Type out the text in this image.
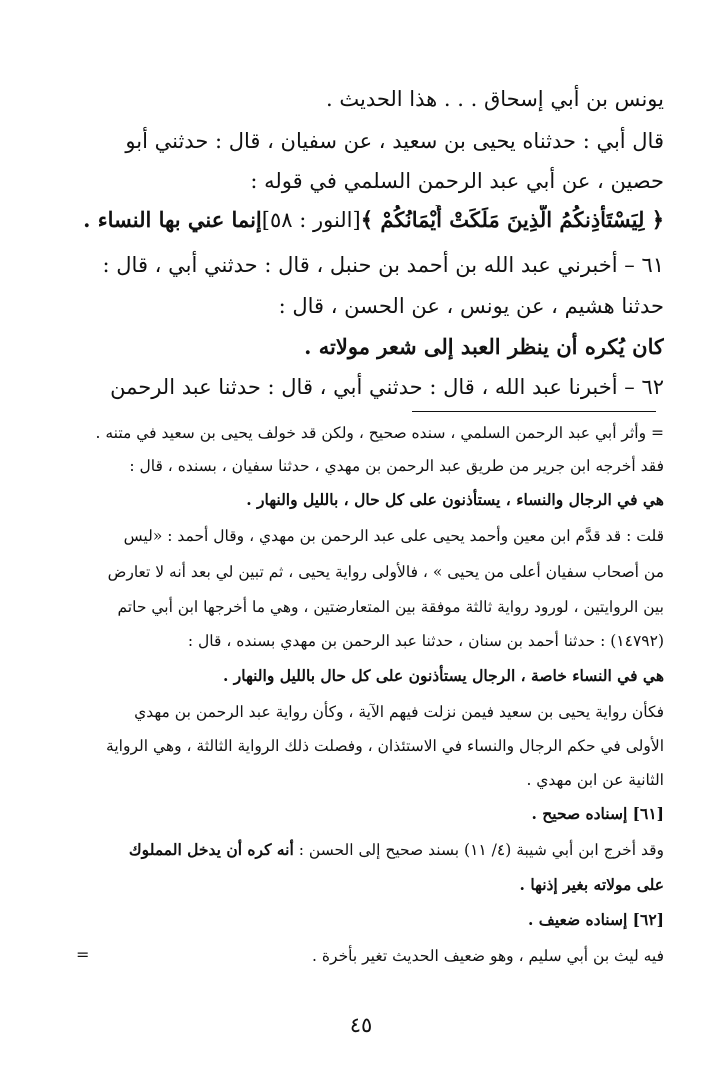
يونس بن أبي إسحاق . . . هذا الحديث .
قال أبي : حدثناه يحيى بن سعيد ، عن سفيان ، قال : حدثني أبو
حصين ، عن أبي عبد الرحمن السلمي في قوله :
﴿ لِيَسْتَأْذِنكُمُ الَّذِينَ مَلَكَتْ أَيْمَانُكُمْ ﴾[النور : ٥٨]إنما عني بها النساء .
٦١ – أخبرني عبد الله بن أحمد بن حنبل ، قال : حدثني أبي ، قال :
حدثنا هشيم ، عن يونس ، عن الحسن ، قال :
كان يُكره أن ينظر العبد إلى شعر مولاته .
٦٢ – أخبرنا عبد الله ، قال : حدثني أبي ، قال : حدثنا عبد الرحمن
= وأثر أبي عبد الرحمن السلمي ، سنده صحيح ، ولكن قد خولف يحيى بن سعيد في متنه .
فقد أخرجه ابن جرير من طريق عبد الرحمن بن مهدي ، حدثنا سفيان ، بسنده ، قال :
هي في الرجال والنساء ، يستأذنون على كل حال ، بالليل والنهار .
قلت : قد قدَّم ابن معين وأحمد يحيى على عبد الرحمن بن مهدي ، وقال أحمد : «ليس
من أصحاب سفيان أعلى من يحيى » ، فالأولى رواية يحيى ، ثم تبين لي بعد أنه لا تعارض
بين الروايتين ، لورود رواية ثالثة موفقة بين المتعارضتين ، وهي ما أخرجها ابن أبي حاتم
(١٤٧٩٢) : حدثنا أحمد بن سنان ، حدثنا عبد الرحمن بن مهدي بسنده ، قال :
هي في النساء خاصة ، الرجال يستأذنون على كل حال بالليل والنهار .
فكأن رواية يحيى بن سعيد فيمن نزلت فيهم الآية ، وكأن رواية عبد الرحمن بن مهدي
الأولى في حكم الرجال والنساء في الاستئذان ، وفصلت ذلك الرواية الثالثة ، وهي الرواية
الثانية عن ابن مهدي .
[٦١] إسناده صحيح .
وقد أخرج ابن أبي شيبة (٤/ ١١) بسند صحيح إلى الحسن : أنه كره أن يدخل المملوك
على مولاته بغير إذنها .
[٦٢] إسناده ضعيف .
فيه ليث بن أبي سليم ، وهو ضعيف الحديث تغير بأخرة .
=
٤٥
